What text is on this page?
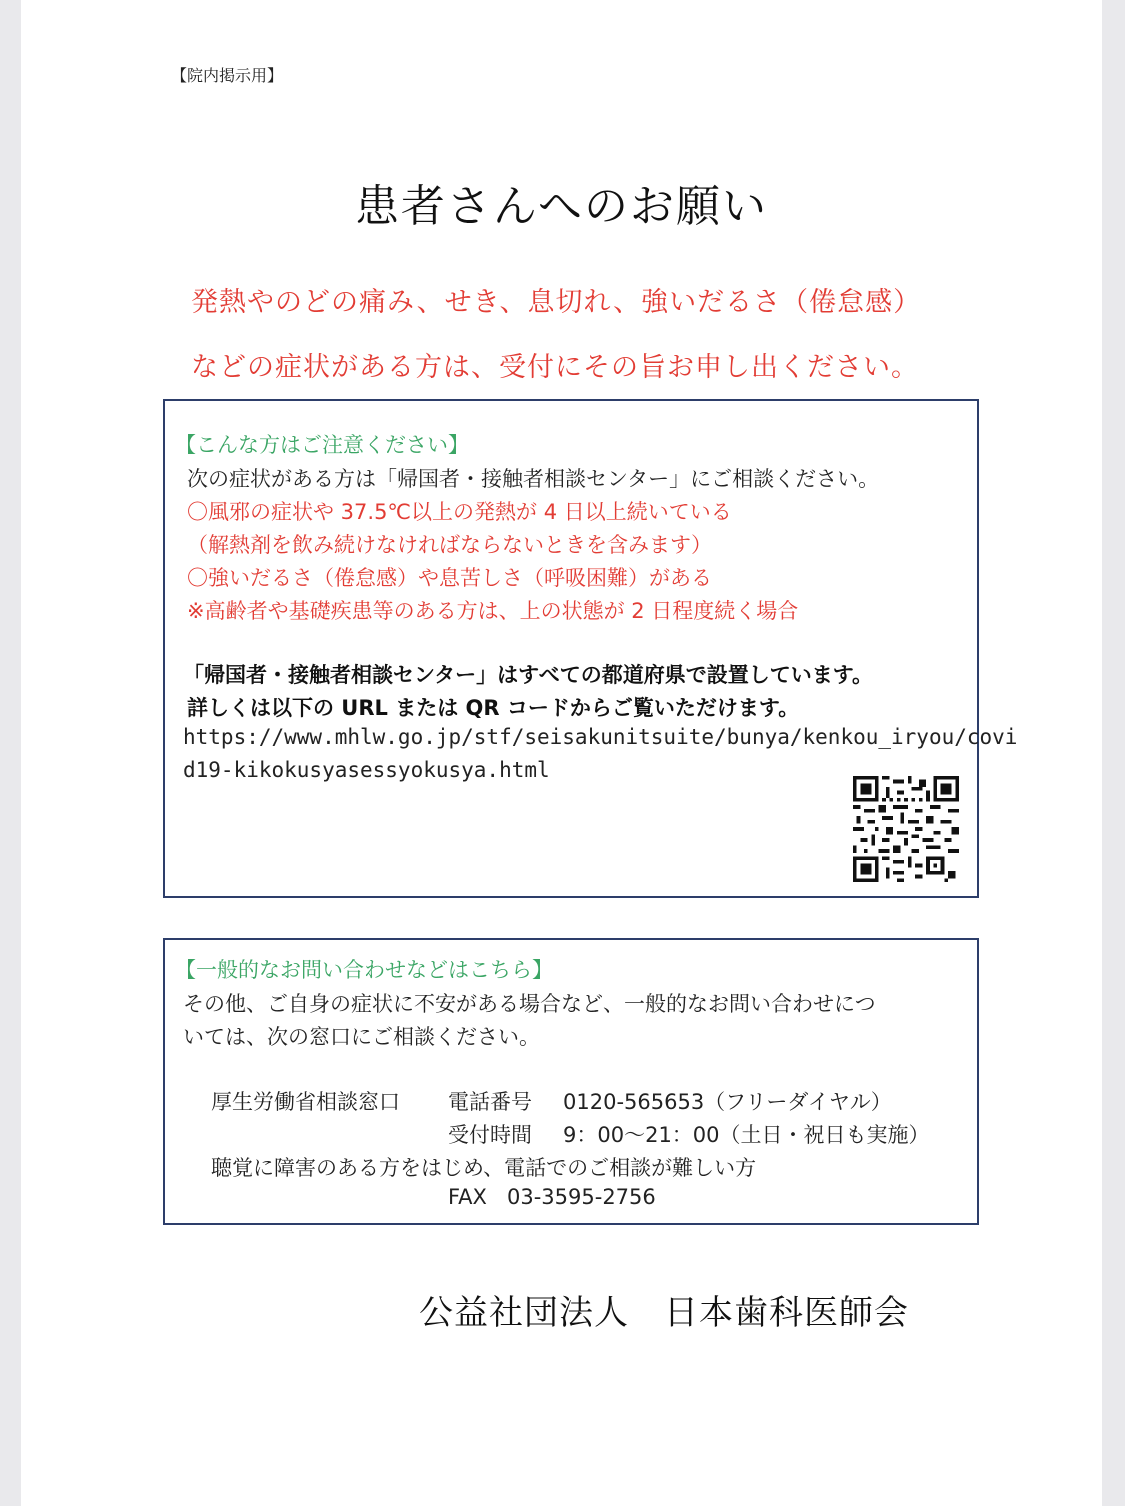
【院内掲示用】
患者さんへのお願い
発熱やのどの痛み、せき、息切れ、強いだるさ（倦怠感）
などの症状がある方は、受付にその旨お申し出ください。
【こんな方はご注意ください】
次の症状がある方は「帰国者・接触者相談センター」にご相談ください。
〇風邪の症状や 37.5℃以上の発熱が 4 日以上続いている
（解熱剤を飲み続けなければならないときを含みます）
〇強いだるさ（倦怠感）や息苦しさ（呼吸困難）がある
※高齢者や基礎疾患等のある方は、上の状態が 2 日程度続く場合
「帰国者・接触者相談センター」はすべての都道府県で設置しています。
詳しくは以下の URL または QR コードからご覧いただけます。
https://www.mhlw.go.jp/stf/seisakunitsuite/bunya/kenkou_iryou/covi
d19-kikokusyasessyokusya.html
【一般的なお問い合わせなどはこちら】
その他、ご自身の症状に不安がある場合など、一般的なお問い合わせにつ
いては、次の窓口にご相談ください。
厚生労働省相談窓口 電話番号 0120-565653（フリーダイヤル）
受付時間 9：00～21：00（土日・祝日も実施）
聴覚に障害のある方をはじめ、電話でのご相談が難しい方
FAX 03-3595-2756
公益社団法人　日本歯科医師会
